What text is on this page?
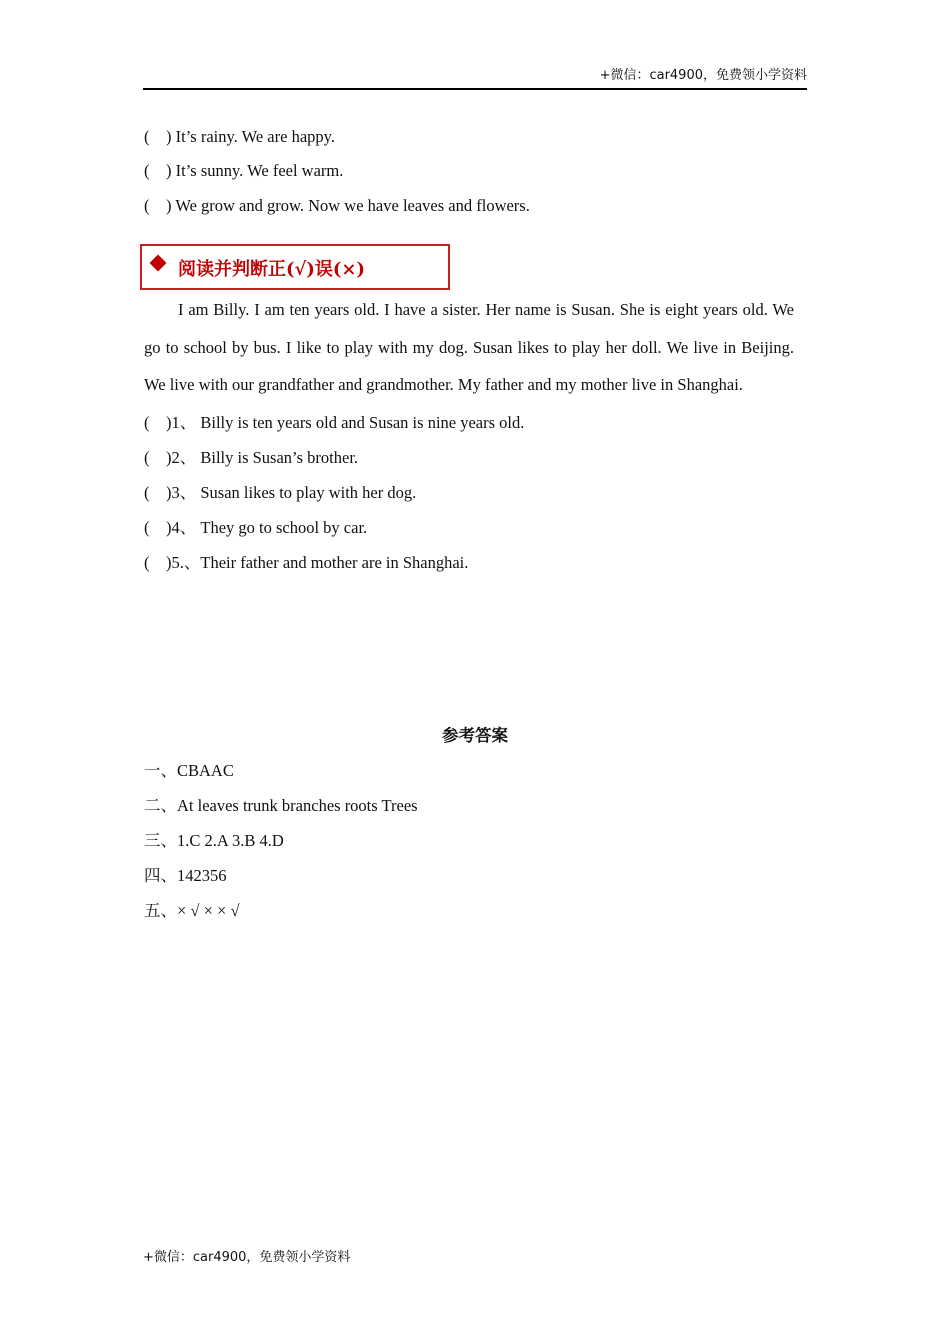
+微信：car4900，免费领小学资料
( ) It’s rainy. We are happy.
( ) It’s sunny. We feel warm.
( ) We grow and grow. Now we have leaves and flowers.
阅读并判断正(√)误(×)
I am Billy. I am ten years old. I have a sister. Her name is Susan. She is eight years old. We go to school by bus. I like to play with my dog. Susan likes to play her doll. We live in Beijing. We live with our grandfather and grandmother. My father and my mother live in Shanghai.
( )1、 Billy is ten years old and Susan is nine years old.
( )2、 Billy is Susan’s brother.
( )3、 Susan likes to play with her dog.
( )4、 They go to school by car.
( )5.、Their father and mother are in Shanghai.
参考答案
一、CBAAC
二、At leaves trunk branches roots Trees
三、1.C 2.A 3.B 4.D
四、142356
五、× √ × × √
+微信：car4900，免费领小学资料
